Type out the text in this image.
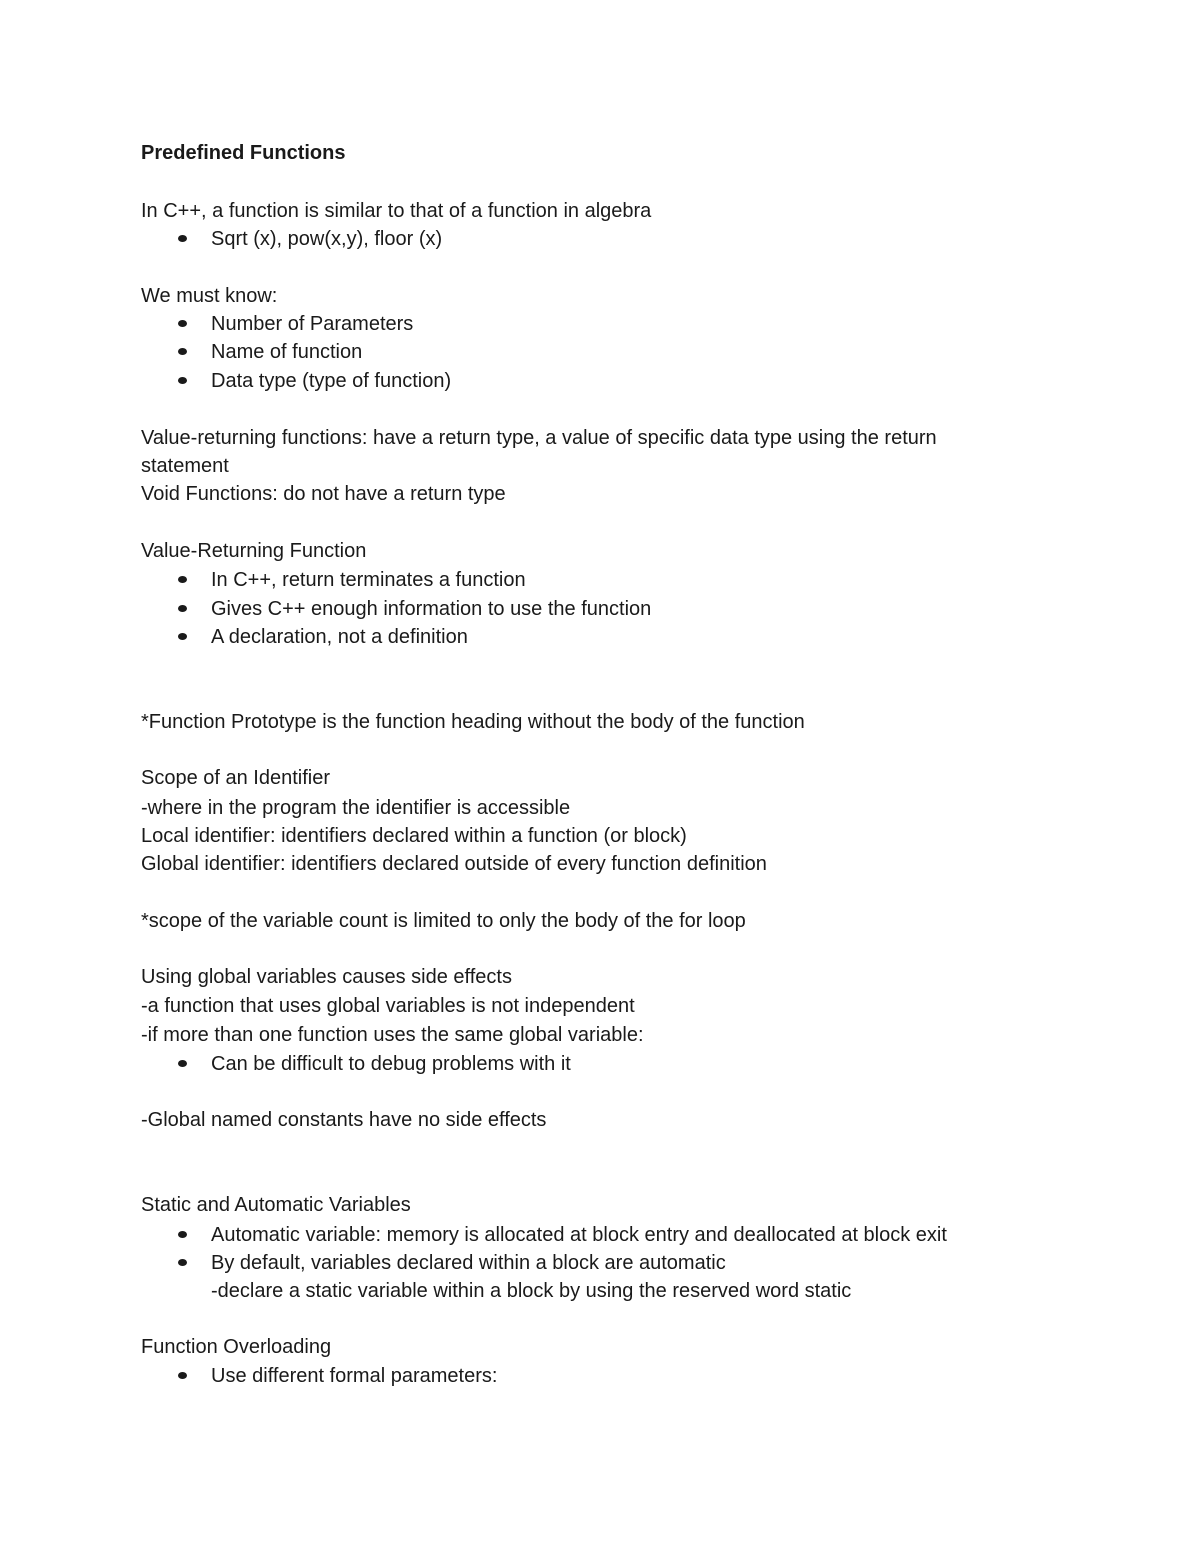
Predefined Functions
In C++, a function is similar to that of a function in algebra
Sqrt (x), pow(x,y), floor (x)
We must know:
Number of Parameters
Name of function
Data type (type of function)
Value-returning functions: have a return type, a value of specific data type using the return
statement
Void Functions: do not have a return type
Value-Returning Function
In C++, return terminates a function
Gives C++ enough information to use the function
A declaration, not a definition
*Function Prototype is the function heading without the body of the function
Scope of an Identifier
-where in the program the identifier is accessible
Local identifier: identifiers declared within a function (or block)
Global identifier: identifiers declared outside of every function definition
*scope of the variable count is limited to only the body of the for loop
Using global variables causes side effects
-a function that uses global variables is not independent
-if more than one function uses the same global variable:
Can be difficult to debug problems with it
-Global named constants have no side effects
Static and Automatic Variables
Automatic variable: memory is allocated at block entry and deallocated at block exit
By default, variables declared within a block are automatic
-declare a static variable within a block by using the reserved word static
Function Overloading
Use different formal parameters:
